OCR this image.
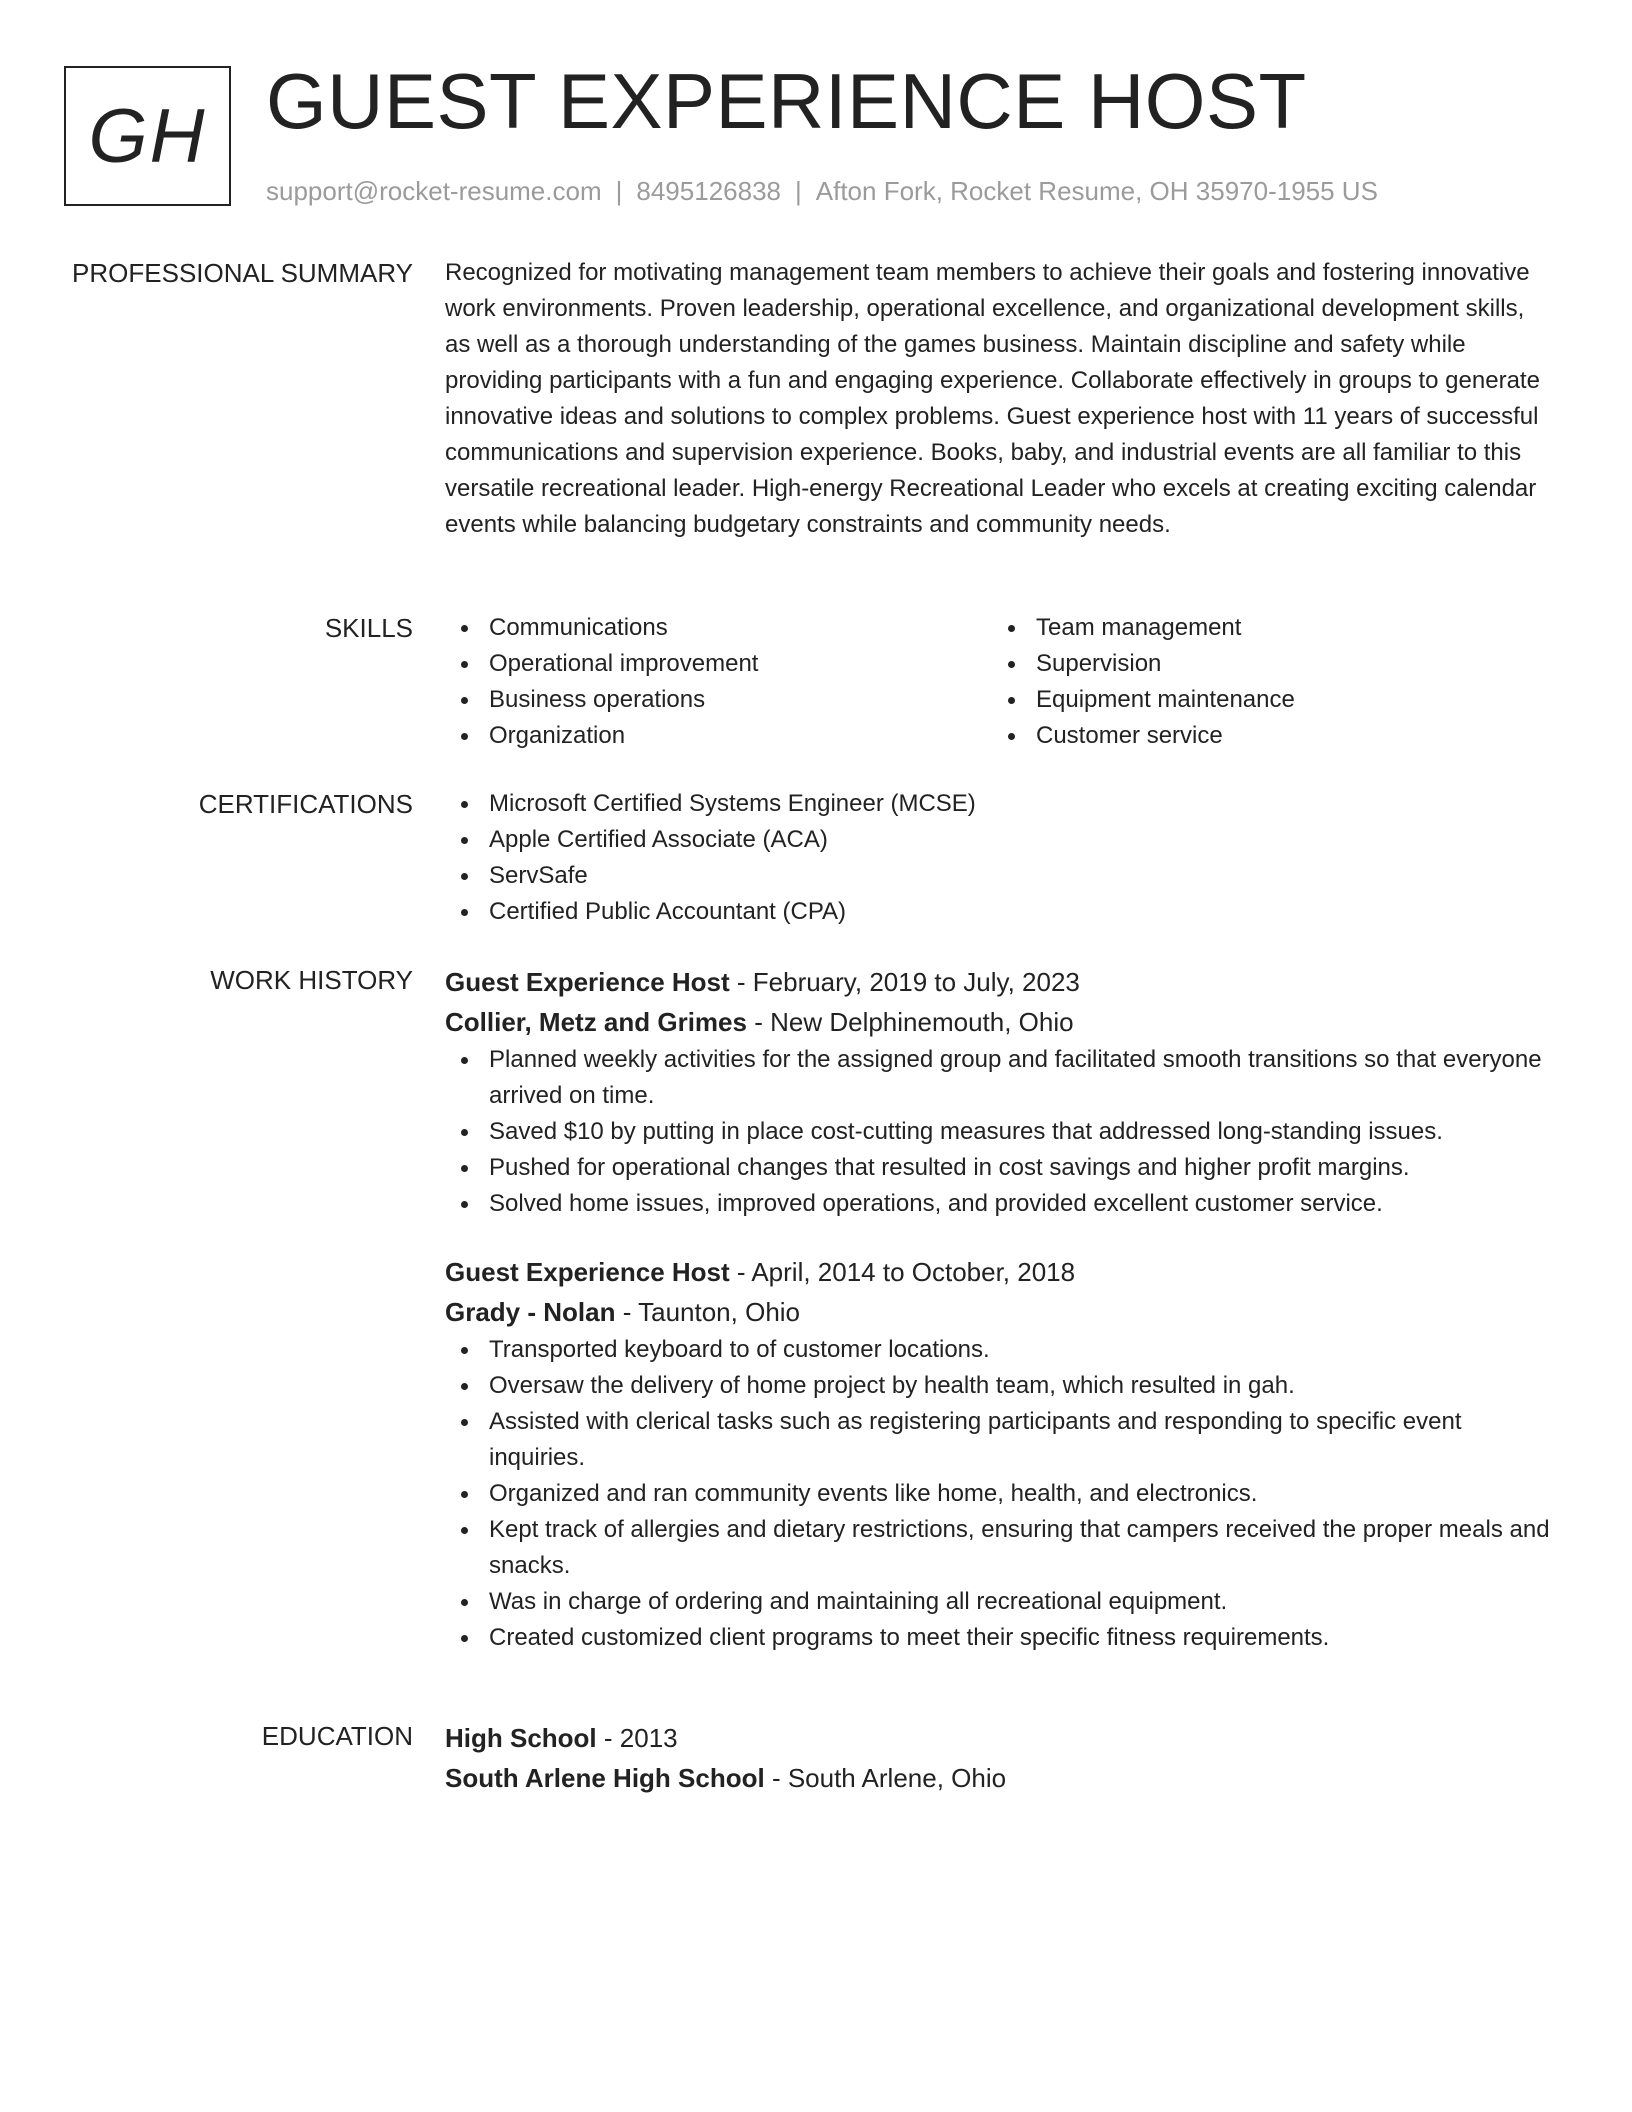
GH GUEST EXPERIENCE HOST
support@rocket-resume.com | 8495126838 | Afton Fork, Rocket Resume, OH 35970-1955 US
PROFESSIONAL SUMMARY Recognized for motivating management team members to achieve their goals and fostering innovative work environments. Proven leadership, operational excellence, and organizational development skills, as well as a thorough understanding of the games business. Maintain discipline and safety while providing participants with a fun and engaging experience. Collaborate effectively in groups to generate innovative ideas and solutions to complex problems. Guest experience host with 11 years of successful communications and supervision experience. Books, baby, and industrial events are all familiar to this versatile recreational leader. High-energy Recreational Leader who excels at creating exciting calendar events while balancing budgetary constraints and community needs.

SKILLS	Communications
Operational improvement
Business operations
Organization
Team management
Supervision
Equipment maintenance
Customer service
CERTIFICATIONS	Microsoft Certified Systems Engineer (MCSE)
Apple Certified Associate (ACA)
ServSafe
Certified Public Accountant (CPA)
WORK HISTORY Guest Experience Host - February, 2019 to July, 2023
Collier, Metz and Grimes - New Delphinemouth, Ohio
Planned weekly activities for the assigned group and facilitated smooth transitions so that everyone arrived on time.
Saved $10 by putting in place cost-cutting measures that addressed long-standing issues.
Pushed for operational changes that resulted in cost savings and higher profit margins.
Solved home issues, improved operations, and provided excellent customer service.
Guest Experience Host - April, 2014 to October, 2018
Grady - Nolan - Taunton, Ohio
Transported keyboard to of customer locations.
Oversaw the delivery of home project by health team, which resulted in gah.
Assisted with clerical tasks such as registering participants and responding to specific event inquiries.
Organized and ran community events like home, health, and electronics.
Kept track of allergies and dietary restrictions, ensuring that campers received the proper meals and snacks.
Was in charge of ordering and maintaining all recreational equipment.
Created customized client programs to meet their specific fitness requirements.
EDUCATION High School - 2013
South Arlene High School - South Arlene, Ohio
